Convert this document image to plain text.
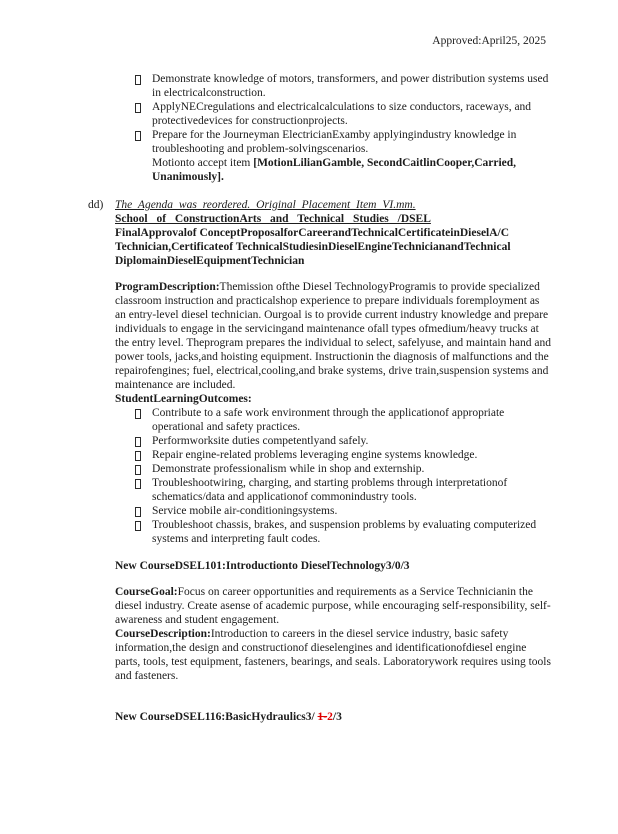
Approved:April25, 2025
Demonstrate knowledge of motors, transformers, and power distribution systems used in electricalconstruction.
ApplyNECregulations and electricalcalculations to size conductors, raceways, and protectivedevices for constructionprojects.
Prepare for the Journeyman ElectricianExamby applyingindustry knowledge in troubleshooting and problem-solvingscenarios.
Motionto accept item [MotionLilianGamble, SecondCaitlinCooper,Carried, Unanimously].
dd)	The Agenda was reordered. Original Placement Item VI.mm.
School of ConstructionArts and Technical Studies /DSEL
FinalApprovalof ConceptProposalforCareerandTechnicalCertificateinDieselA/C Technician,Certificateof TechnicalStudiesinDieselEngineTechnicianandTechnical DiplomainDieselEquipmentTechnician
ProgramDescription:Themission ofthe Diesel TechnologyProgramis to provide specialized classroom instruction and practicalshop experience to prepare individuals foremployment as an entry-level diesel technician. Ourgoal is to provide current industry knowledge and prepare individuals to engage in the servicingand maintenance ofall types ofmedium/heavy trucks at the entry level. Theprogram prepares the individual to select, safelyuse, and maintain hand and power tools, jacks,and hoisting equipment. Instructionin the diagnosis of malfunctions and the repairofengines; fuel, electrical,cooling,and brake systems, drive train,suspension systems and maintenance are included.
StudentLearningOutcomes:
Contribute to a safe work environment through the applicationof appropriate operational and safety practices.
Performworksite duties competentlyand safely.
Repair engine-related problems leveraging engine systems knowledge.
Demonstrate professionalism while in shop and externship.
Troubleshootwiring, charging, and starting problems through interpretationof schematics/data and applicationof commonindustry tools.
Service mobile air-conditioningsystems.
Troubleshoot chassis, brakes, and suspension problems by evaluating computerized systems and interpreting fault codes.
New CourseDSEL101:Introductionto DieselTechnology3/0/3
CourseGoal:Focus on career opportunities and requirements as a Service Technicianin the diesel industry. Create asense of academic purpose, while encouraging self-responsibility, self-awareness and student engagement.
CourseDescription:Introduction to careers in the diesel service industry, basic safety information,the design and constructionof dieselengines and identificationofdiesel engine parts, tools, test equipment, fasteners, bearings, and seals. Laboratorywork requires using tools and fasteners.
New CourseDSEL116:BasicHydraulics3/ 1-2/3
